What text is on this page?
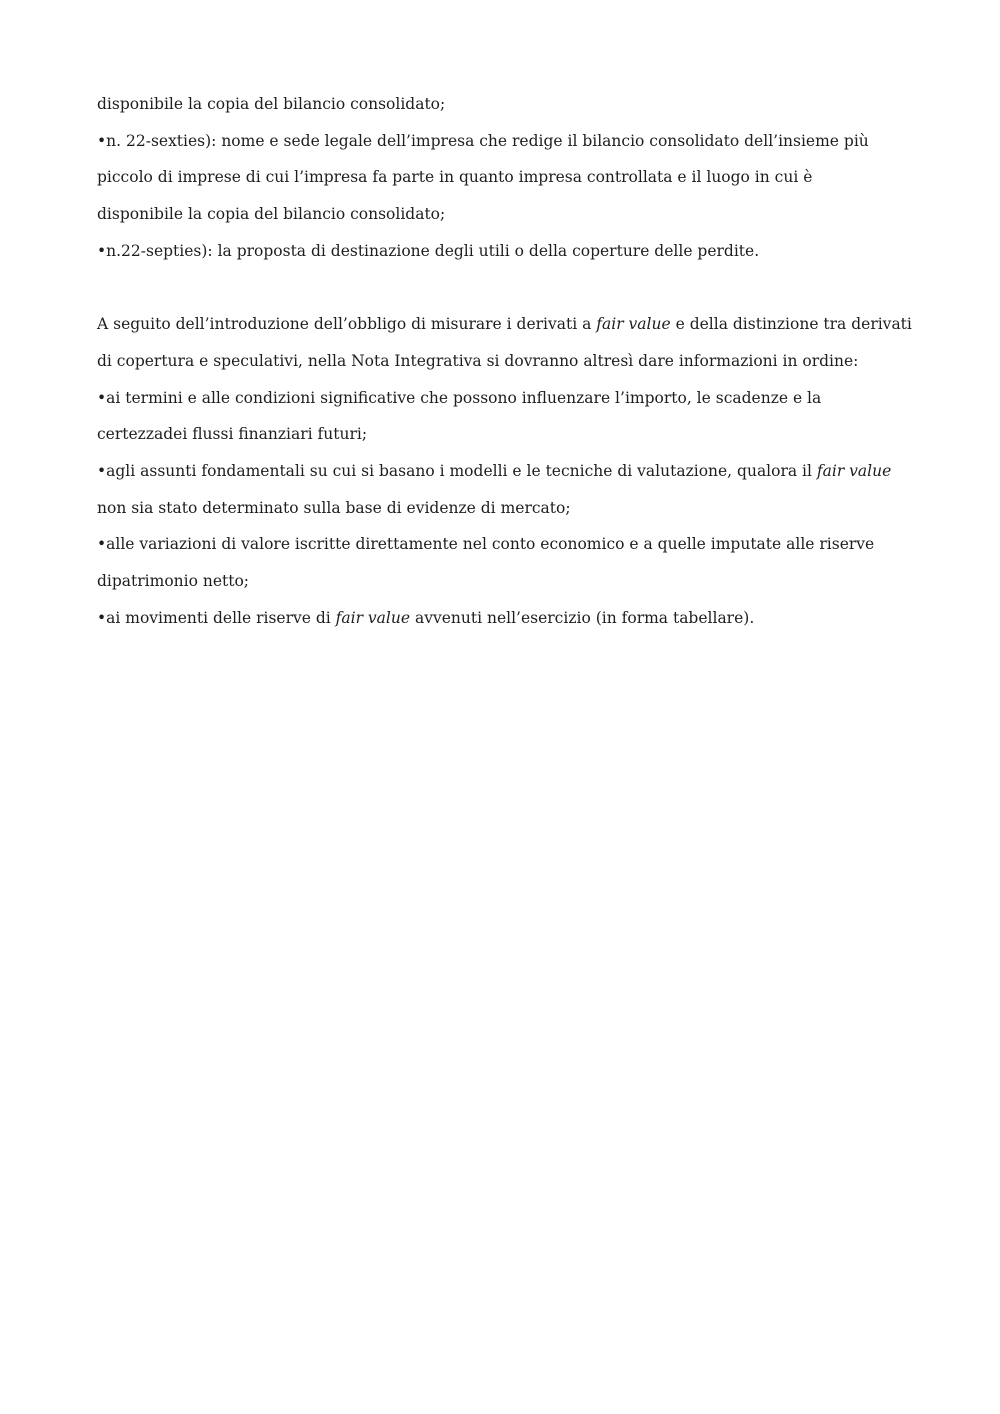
disponibile la copia del bilancio consolidato;
•n. 22-sexties): nome e sede legale dell’impresa che redige il bilancio consolidato dell’insieme più
piccolo di imprese di cui l’impresa fa parte in quanto impresa controllata e il luogo in cui è
disponibile la copia del bilancio consolidato;
•n.22-septies): la proposta di destinazione degli utili o della coperture delle perdite.
A seguito dell’introduzione dell’obbligo di misurare i derivati a fair value e della distinzione tra derivati
di copertura e speculativi, nella Nota Integrativa si dovranno altresì dare informazioni in ordine:
•ai termini e alle condizioni significative che possono influenzare l’importo, le scadenze e la
certezzadei flussi finanziari futuri;
•agli assunti fondamentali su cui si basano i modelli e le tecniche di valutazione, qualora il fair value
non sia stato determinato sulla base di evidenze di mercato;
•alle variazioni di valore iscritte direttamente nel conto economico e a quelle imputate alle riserve
dipatrimonio netto;
•ai movimenti delle riserve di fair value avvenuti nell’esercizio (in forma tabellare).
